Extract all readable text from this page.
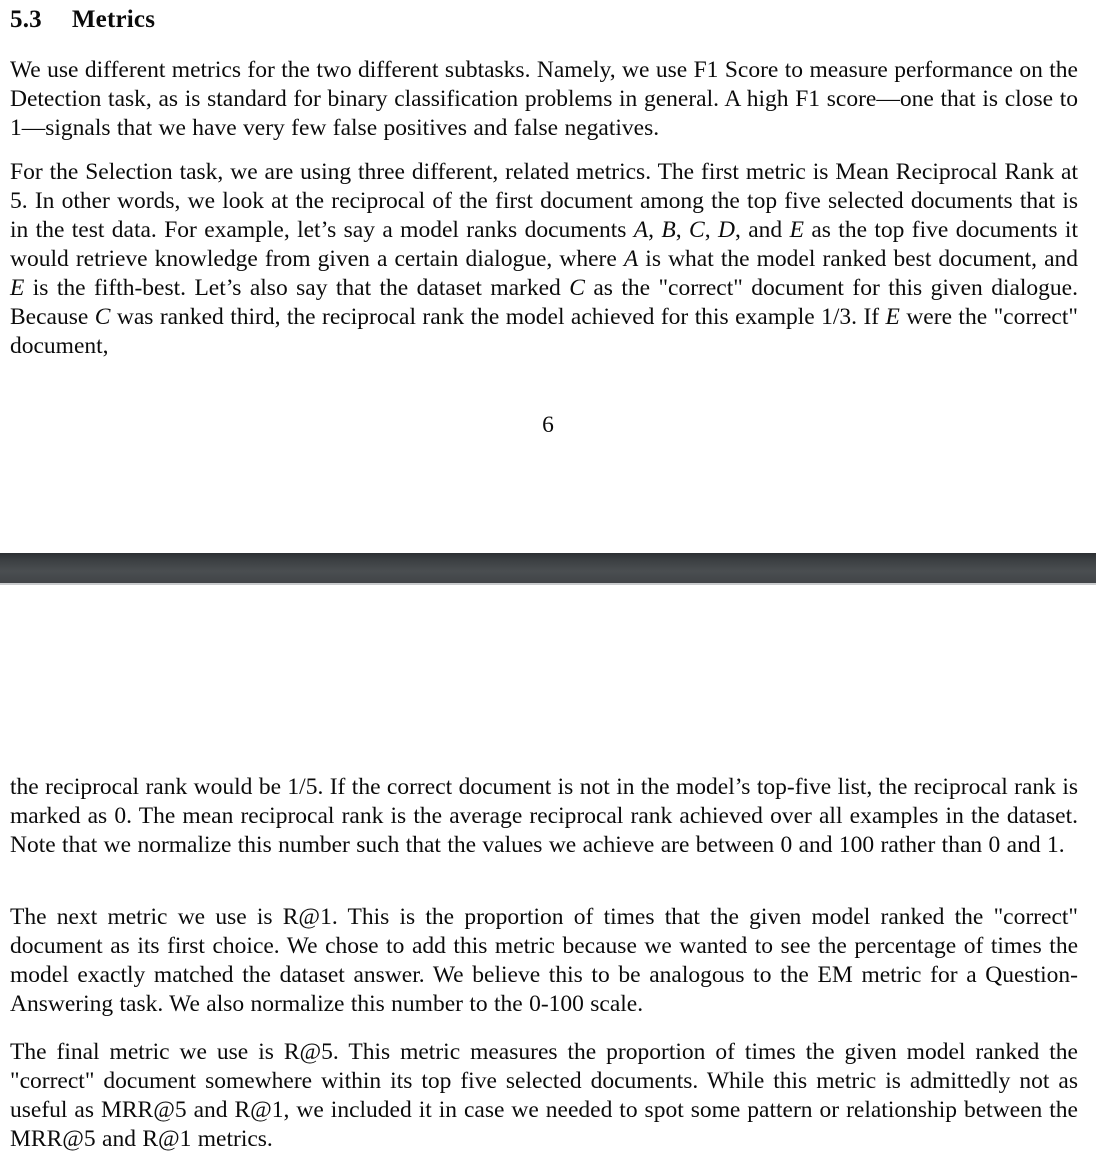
5.3 Metrics

We use different metrics for the two different subtasks. Namely, we use F1 Score to measure performance on the Detection task, as is standard for binary classification problems in general. A high F1 score—one that is close to 1—signals that we have very few false positives and false negatives.

For the Selection task, we are using three different, related metrics. The first metric is Mean Reciprocal Rank at 5. In other words, we look at the reciprocal of the first document among the top five selected documents that is in the test data. For example, let’s say a model ranks documents A, B, C, D, and E as the top five documents it would retrieve knowledge from given a certain dialogue, where A is what the model ranked best document, and E is the fifth-best. Let’s also say that the dataset marked C as the "correct" document for this given dialogue. Because C was ranked third, the reciprocal rank the model achieved for this example 1/3. If E were the "correct" document,

6

the reciprocal rank would be 1/5. If the correct document is not in the model’s top-five list, the reciprocal rank is marked as 0. The mean reciprocal rank is the average reciprocal rank achieved over all examples in the dataset. Note that we normalize this number such that the values we achieve are between 0 and 100 rather than 0 and 1.

The next metric we use is R@1. This is the proportion of times that the given model ranked the "correct" document as its first choice. We chose to add this metric because we wanted to see the percentage of times the model exactly matched the dataset answer. We believe this to be analogous to the EM metric for a Question-Answering task. We also normalize this number to the 0-100 scale.

The final metric we use is R@5. This metric measures the proportion of times the given model ranked the "correct" document somewhere within its top five selected documents. While this metric is admittedly not as useful as MRR@5 and R@1, we included it in case we needed to spot some pattern or relationship between the MRR@5 and R@1 metrics.
